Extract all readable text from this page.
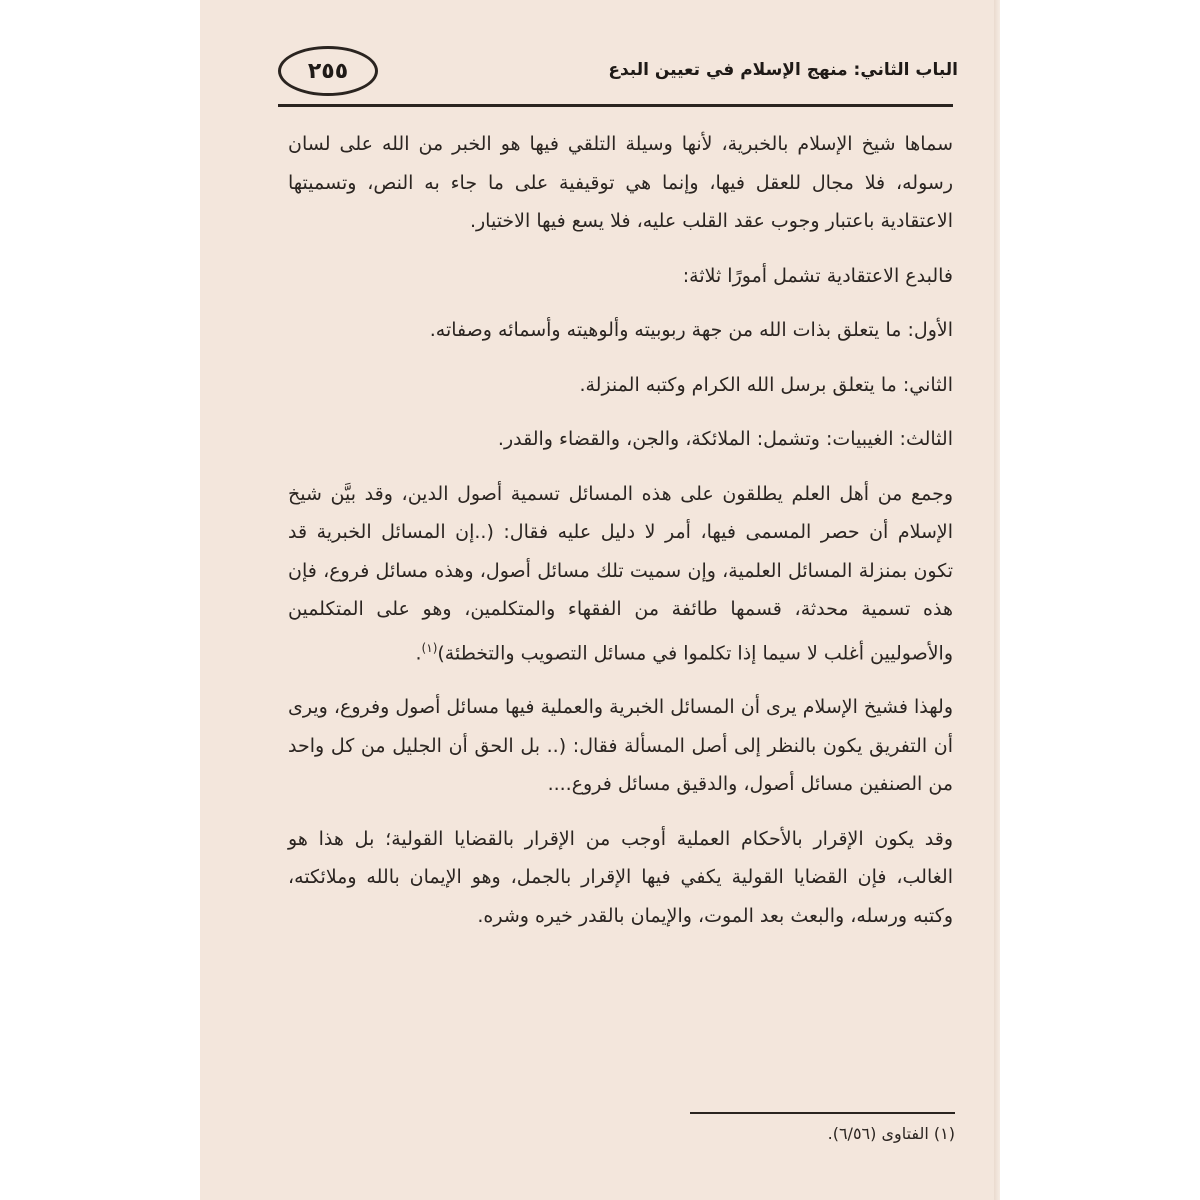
٢٥٥	الباب الثاني: منهج الإسلام في تعيين البدع

سماها شيخ الإسلام بالخبرية، لأنها وسيلة التلقي فيها هو الخبر من الله على لسان رسوله، فلا مجال للعقل فيها، وإنما هي توقيفية على ما جاء به النص، وتسميتها الاعتقادية باعتبار وجوب عقد القلب عليه، فلا يسع فيها الاختيار.

فالبدع الاعتقادية تشمل أمورًا ثلاثة:

الأول: ما يتعلق بذات الله من جهة ربوبيته وألوهيته وأسمائه وصفاته.

الثاني: ما يتعلق برسل الله الكرام وكتبه المنزلة.

الثالث: الغيبيات: وتشمل: الملائكة، والجن، والقضاء والقدر.

وجمع من أهل العلم يطلقون على هذه المسائل تسمية أصول الدين، وقد بيَّن شيخ الإسلام أن حصر المسمى فيها، أمر لا دليل عليه فقال: (..إن المسائل الخبرية قد تكون بمنزلة المسائل العلمية، وإن سميت تلك مسائل أصول، وهذه مسائل فروع، فإن هذه تسمية محدثة، قسمها طائفة من الفقهاء والمتكلمين، وهو على المتكلمين والأصوليين أغلب لا سيما إذا تكلموا في مسائل التصويب والتخطئة)$^{(١)}$.

ولهذا فشيخ الإسلام يرى أن المسائل الخبرية والعملية فيها مسائل أصول وفروع، ويرى أن التفريق يكون بالنظر إلى أصل المسألة فقال: (.. بل الحق أن الجليل من كل واحد من الصنفين مسائل أصول، والدقيق مسائل فروع....

وقد يكون الإقرار بالأحكام العملية أوجب من الإقرار بالقضايا القولية؛ بل هذا هو الغالب، فإن القضايا القولية يكفي فيها الإقرار بالجمل، وهو الإيمان بالله وملائكته، وكتبه ورسله، والبعث بعد الموت، والإيمان بالقدر خيره وشره.

(١) الفتاوى (٦/٥٦).
